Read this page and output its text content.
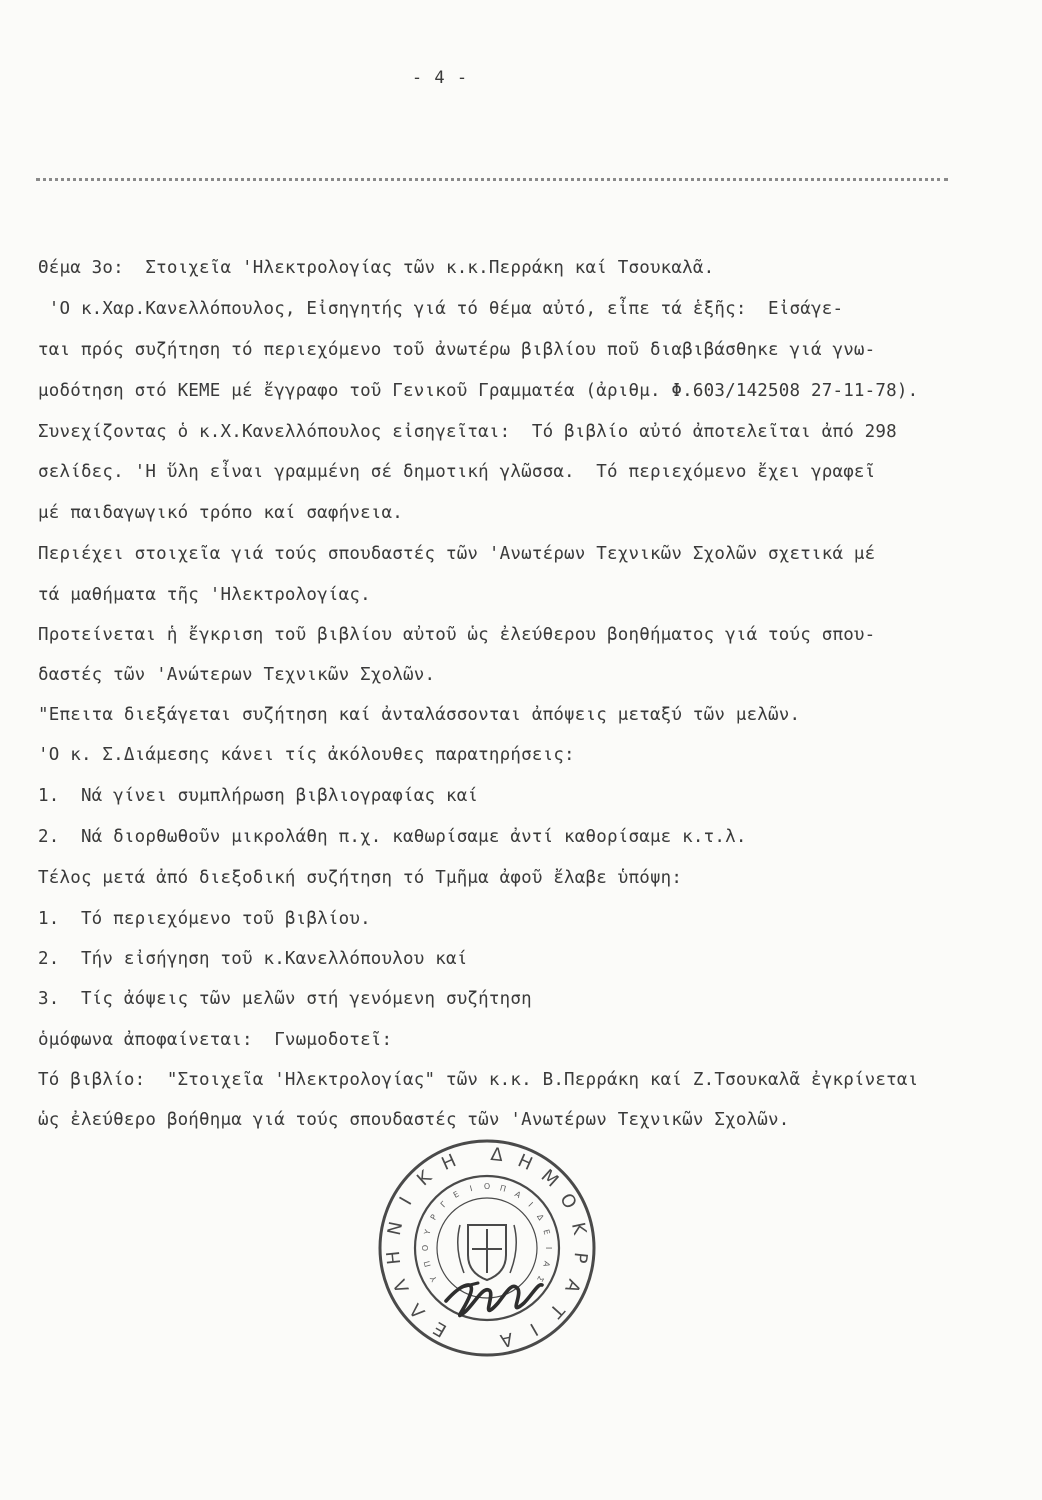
- 4 -
Θέμα 3ο:  Στοιχεῖα 'Ηλεκτρολογίας τῶν κ.κ.Περράκη καί Τσουκαλᾶ.
'Ο κ.Χαρ.Κανελλόπουλος, Εἰσηγητής γιά τό θέμα αὐτό, εἶπε τά ἑξῆς:  Εἰσάγε-
ται πρός συζήτηση τό περιεχόμενο τοῦ ἀνωτέρω βιβλίου ποῦ διαβιβάσθηκε γιά γνω-
μοδότηση στό ΚΕΜΕ μέ ἔγγραφο τοῦ Γενικοῦ Γραμματέα (ἀριθμ. Φ.603/142508 27-11-78).
Συνεχίζοντας ὁ κ.Χ.Κανελλόπουλος εἰσηγεῖται:  Τό βιβλίο αὐτό ἀποτελεῖται ἀπό 298
σελίδες. 'Η ὕλη εἶναι γραμμένη σέ δημοτική γλῶσσα.  Τό περιεχόμενο ἔχει γραφεῖ
μέ παιδαγωγικό τρόπο καί σαφήνεια.
Περιέχει στοιχεῖα γιά τούς σπουδαστές τῶν 'Ανωτέρων Τεχνικῶν Σχολῶν σχετικά μέ
τά μαθήματα τῆς 'Ηλεκτρολογίας.
Προτείνεται ἡ ἔγκριση τοῦ βιβλίου αὐτοῦ ὡς ἐλεύθερου βοηθήματος γιά τούς σπου-
δαστές τῶν 'Ανώτερων Τεχνικῶν Σχολῶν.
"Επειτα διεξάγεται συζήτηση καί ἀνταλάσσονται ἀπόψεις μεταξύ τῶν μελῶν.
'Ο κ. Σ.Διάμεσης κάνει τίς ἀκόλουθες παρατηρήσεις:
1.  Νά γίνει συμπλήρωση βιβλιογραφίας καί
2.  Νά διορθωθοῦν μικρολάθη π.χ. καθωρίσαμε ἀντί καθορίσαμε κ.τ.λ.
Τέλος μετά ἀπό διεξοδική συζήτηση τό Τμῆμα ἀφοῦ ἔλαβε ὑπόψη:
1.  Τό περιεχόμενο τοῦ βιβλίου.
2.  Τήν εἰσήγηση τοῦ κ.Κανελλόπουλου καί
3.  Τίς ἀόψεις τῶν μελῶν στή γενόμενη συζήτηση
ὁμόφωνα ἀποφαίνεται:  Γνωμοδοτεῖ:
Τό βιβλίο:  "Στοιχεῖα 'Ηλεκτρολογίας" τῶν κ.κ. Β.Περράκη καί Ζ.Τσουκαλᾶ ἐγκρίνεται
ὡς ἐλεύθερο βοήθημα γιά τούς σπουδαστές τῶν 'Ανωτέρων Τεχνικῶν Σχολῶν.
Ε
Λ
Λ
Η
Ν
Ι
Κ
Η Δ Η
Μ
Ο
Κ
Ρ
Α
Τ
Ι
Α
Υ
Π
Ο
Υ
Ρ
Γ
Ε
Ι Ο Π
Α
Ι
Δ
Ε
Ι
Α
Σ
